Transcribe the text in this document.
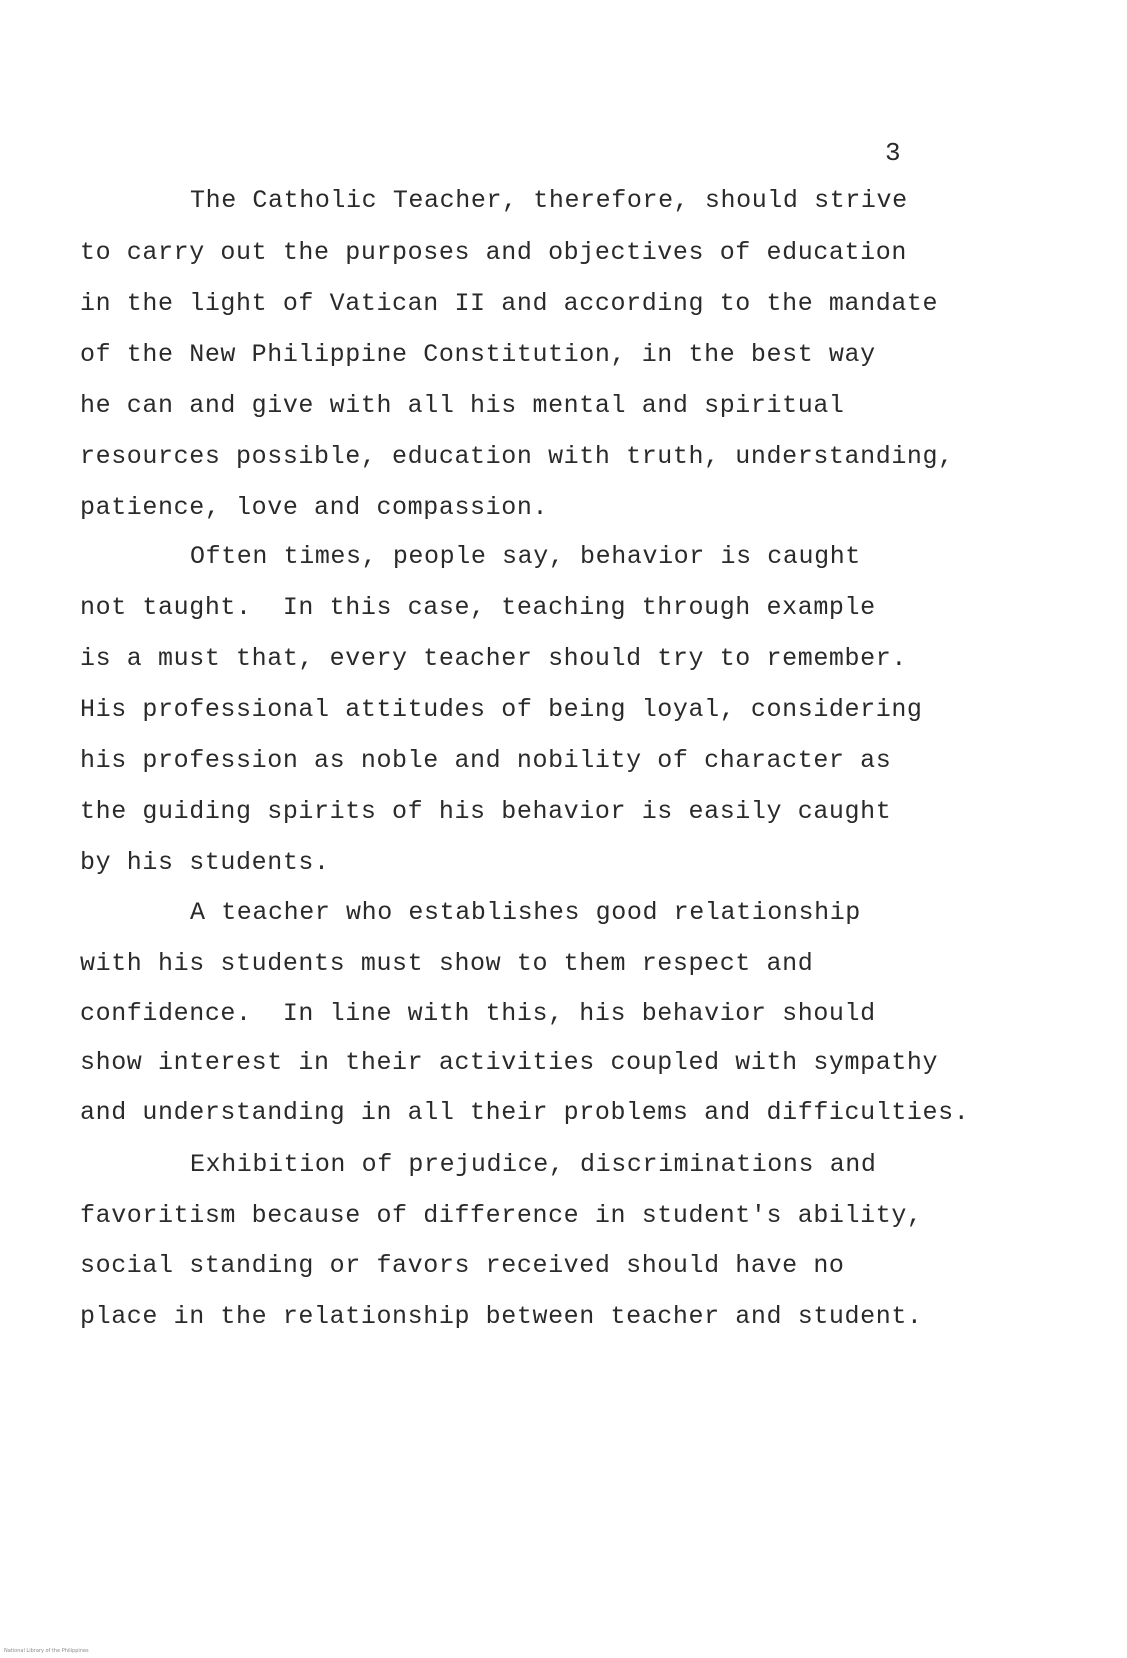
3
The Catholic Teacher, therefore, should strive
to carry out the purposes and objectives of education
in the light of Vatican II and according to the mandate
of the New Philippine Constitution, in the best way
he can and give with all his mental and spiritual
resources possible, education with truth, understanding,
patience, love and compassion.
Often times, people say, behavior is caught
not taught.  In this case, teaching through example
is a must that, every teacher should try to remember.
His professional attitudes of being loyal, considering
his profession as noble and nobility of character as
the guiding spirits of his behavior is easily caught
by his students.
A teacher who establishes good relationship
with his students must show to them respect and
confidence.  In line with this, his behavior should
show interest in their activities coupled with sympathy
and understanding in all their problems and difficulties.
Exhibition of prejudice, discriminations and
favoritism because of difference in student's ability,
social standing or favors received should have no
place in the relationship between teacher and student.
National Library of the Philippines
